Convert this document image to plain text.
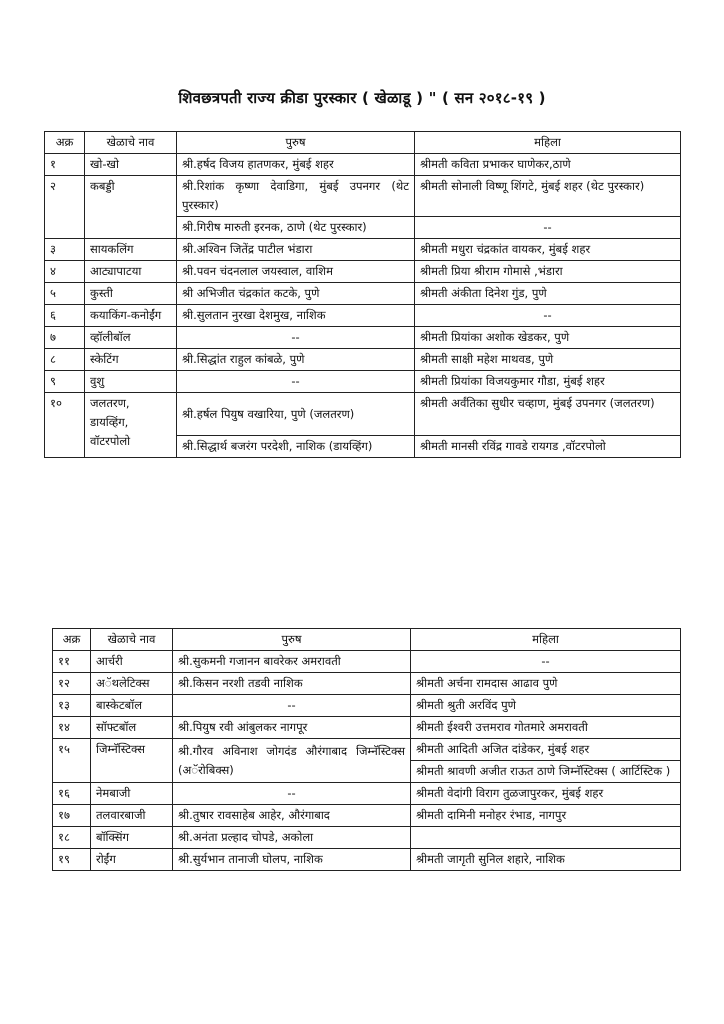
शिवछत्रपती राज्य क्रीडा पुरस्कार ( खेळाडू ) " ( सन २०१८-१९ )
अक्र	खेळाचे नाव	पुरुष	महिला
१	खो-खो	श्री.हर्षद विजय हातणकर, मुंबई शहर	श्रीमती कविता प्रभाकर घाणेकर,ठाणे
२	कबड्डी	श्री.रिशांक कृष्णा देवाडिगा, मुंबई उपनगर (थेट पुरस्कार)	श्रीमती सोनाली विष्णू शिंगटे, मुंबई शहर (थेट पुरस्कार)
		श्री.गिरीष मारुती इरनक, ठाणे (थेट पुरस्कार)	--
३	सायकलिंग	श्री.अश्विन जितेंद्र पाटील भंडारा	श्रीमती मधुरा चंद्रकांत वायकर, मुंबई शहर
४	आट्यापाटया	श्री.पवन चंदनलाल जयस्वाल, वाशिम	श्रीमती प्रिया श्रीराम गोमासे ,भंडारा
५	कुस्ती	श्री अभिजीत चंद्रकांत कटके, पुणे	श्रीमती अंकीता दिनेश गुंड, पुणे
६	कयाकिंग-कनोईंग	श्री.सुलतान नुरखा देशमुख, नाशिक	--
७	व्हॉलीबॉल	--	श्रीमती प्रियांका अशोक खेडकर, पुणे
८	स्केटिंग	श्री.सिद्धांत राहुल कांबळे, पुणे	श्रीमती साक्षी महेश माथवड, पुणे
९	वुशु	--	श्रीमती प्रियांका विजयकुमार गौडा, मुंबई शहर
१०	जलतरण, डायव्हिंग, वॉटरपोलो	श्री.हर्षल पियुष वखारिया, पुणे (जलतरण)	श्रीमती अर्वंतिका सुधीर चव्हाण, मुंबई उपनगर (जलतरण)
		श्री.सिद्धार्थ बजरंग परदेशी, नाशिक (डायव्हिंग)	श्रीमती मानसी रविंद्र गावडे रायगड ,वॉटरपोलो
अक्र	खेळाचे नाव	पुरुष	महिला
११	आर्चरी	श्री.सुकमनी गजानन बावरेकर अमरावती	--
१२	अॅथलेटिक्स	श्री.किसन नरशी तडवी नाशिक	श्रीमती अर्चना रामदास आढाव पुणे
१३	बास्केटबॉल	--	श्रीमती श्रुती अरविंद पुणे
१४	सॉफ्टबॉल	श्री.पियुष रवी आंबुलकर नागपूर	श्रीमती ईश्वरी उत्तमराव गोतमारे अमरावती
१५	जिम्नॅस्टिक्स	श्री.गौरव अविनाश जोगदंड औरंगाबाद जिम्नॅस्टिक्स (अॅरोबिक्स)	श्रीमती आदिती अजित दांडेकर, मुंबई शहर
			श्रीमती श्रावणी अजीत राऊत ठाणे जिम्नॅस्टिक्स ( आर्टिस्टिक )
१६	नेमबाजी	--	श्रीमती वेदांगी विराग तुळजापुरकर, मुंबई शहर
१७	तलवारबाजी	श्री.तुषार रावसाहेब आहेर, औरंगाबाद	श्रीमती दामिनी मनोहर रंभाड, नागपुर
१८	बॉक्सिंग	श्री.अनंता प्रल्हाद चोपडे, अकोला	
१९	रोईंग	श्री.सुर्यभान तानाजी घोलप, नाशिक	श्रीमती जागृती सुनिल शहारे, नाशिक
